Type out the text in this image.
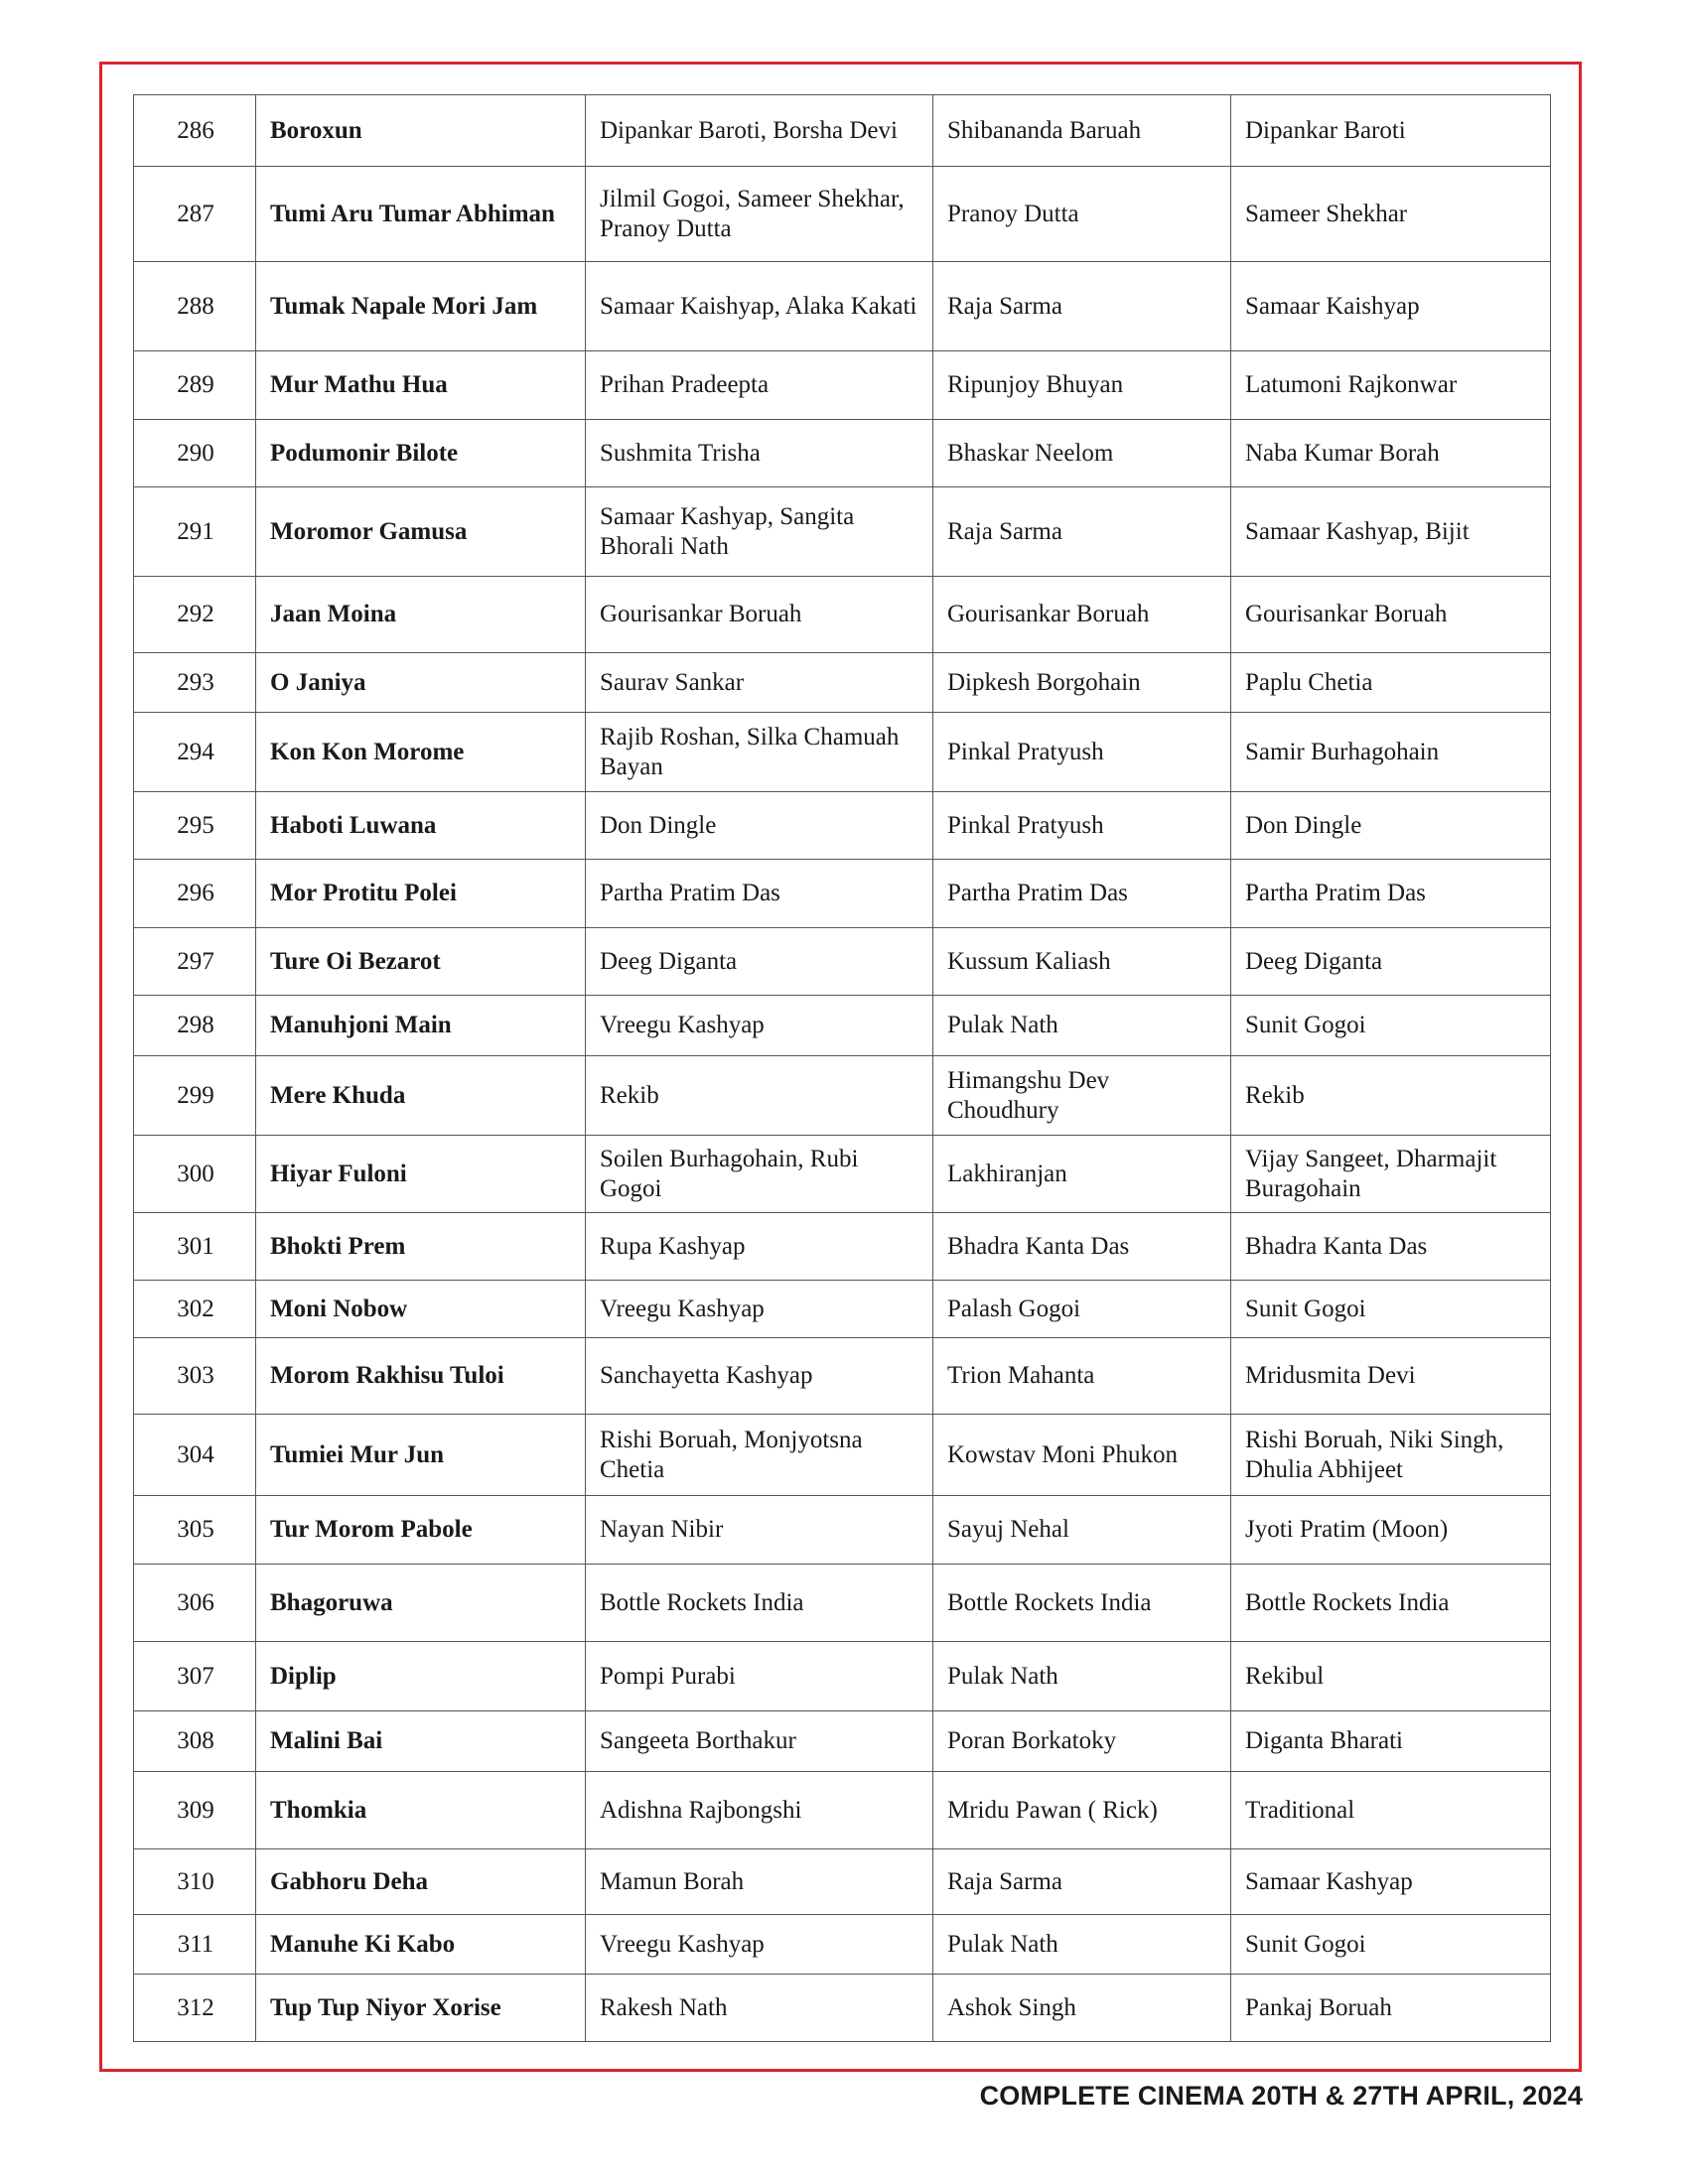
286	Boroxun	Dipankar Baroti, Borsha Devi	Shibananda Baruah	Dipankar Baroti
287	Tumi Aru Tumar Abhiman	Jilmil Gogoi, Sameer Shekhar, Pranoy Dutta	Pranoy Dutta	Sameer Shekhar
288	Tumak Napale Mori Jam	Samaar Kaishyap, Alaka Kakati	Raja Sarma	Samaar Kaishyap
289	Mur Mathu Hua	Prihan Pradeepta	Ripunjoy Bhuyan	Latumoni Rajkonwar
290	Podumonir Bilote	Sushmita Trisha	Bhaskar Neelom	Naba Kumar Borah
291	Moromor Gamusa	Samaar Kashyap, Sangita Bhorali Nath	Raja Sarma	Samaar Kashyap, Bijit
292	Jaan Moina	Gourisankar Boruah	Gourisankar Boruah	Gourisankar Boruah
293	O Janiya	Saurav Sankar	Dipkesh Borgohain	Paplu Chetia
294	Kon Kon Morome	Rajib Roshan, Silka Chamuah Bayan	Pinkal Pratyush	Samir Burhagohain
295	Haboti Luwana	Don Dingle	Pinkal Pratyush	Don Dingle
296	Mor Protitu Polei	Partha Pratim Das	Partha Pratim Das	Partha Pratim Das
297	Ture Oi Bezarot	Deeg Diganta	Kussum Kaliash	Deeg Diganta
298	Manuhjoni Main	Vreegu Kashyap	Pulak Nath	Sunit Gogoi
299	Mere Khuda	Rekib	Himangshu Dev Choudhury	Rekib
300	Hiyar Fuloni	Soilen Burhagohain, Rubi Gogoi	Lakhiranjan	Vijay Sangeet, Dharmajit Buragohain
301	Bhokti Prem	Rupa Kashyap	Bhadra Kanta Das	Bhadra Kanta Das
302	Moni Nobow	Vreegu Kashyap	Palash Gogoi	Sunit Gogoi
303	Morom Rakhisu Tuloi	Sanchayetta Kashyap	Trion Mahanta	Mridusmita Devi
304	Tumiei Mur Jun	Rishi Boruah, Monjyotsna Chetia	Kowstav Moni Phukon	Rishi Boruah, Niki Singh, Dhulia Abhijeet
305	Tur Morom Pabole	Nayan Nibir	Sayuj Nehal	Jyoti Pratim (Moon)
306	Bhagoruwa	Bottle Rockets India	Bottle Rockets India	Bottle Rockets India
307	Diplip	Pompi Purabi	Pulak Nath	Rekibul
308	Malini Bai	Sangeeta Borthakur	Poran Borkatoky	Diganta Bharati
309	Thomkia	Adishna Rajbongshi	Mridu Pawan ( Rick)	Traditional
310	Gabhoru Deha	Mamun Borah	Raja Sarma	Samaar Kashyap
311	Manuhe Ki Kabo	Vreegu Kashyap	Pulak Nath	Sunit Gogoi
312	Tup Tup Niyor Xorise	Rakesh Nath	Ashok Singh	Pankaj Boruah
COMPLETE CINEMA 20TH & 27TH APRIL, 2024
